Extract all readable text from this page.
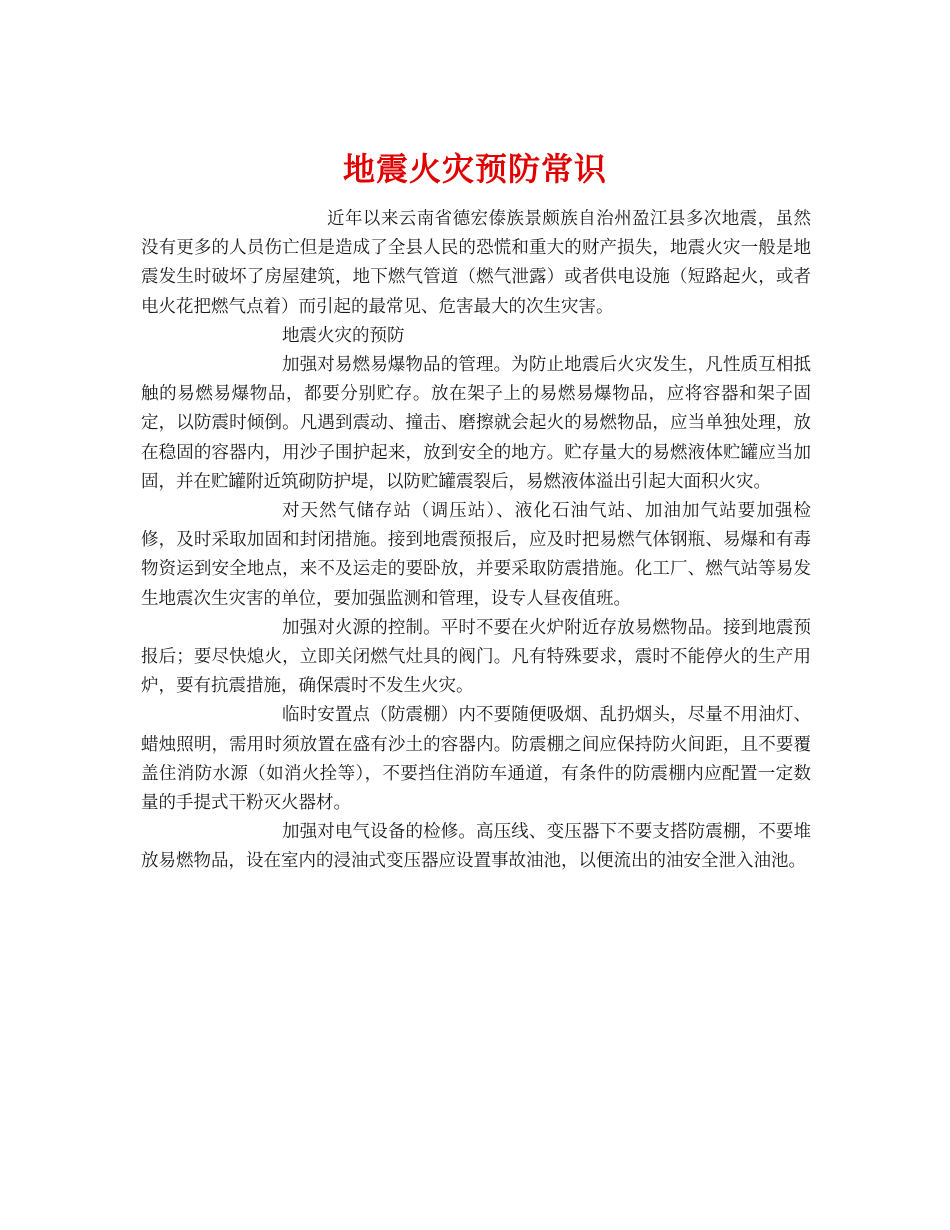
地震火灾预防常识

近年以来云南省德宏傣族景颇族自治州盈江县多次地震，虽然没有更多的人员伤亡但是造成了全县人民的恐慌和重大的财产损失，地震火灾一般是地震发生时破坏了房屋建筑，地下燃气管道（燃气泄露）或者供电设施（短路起火，或者电火花把燃气点着）而引起的最常见、危害最大的次生灾害。

地震火灾的预防

加强对易燃易爆物品的管理。为防止地震后火灾发生，凡性质互相抵触的易燃易爆物品，都要分别贮存。放在架子上的易燃易爆物品，应将容器和架子固定，以防震时倾倒。凡遇到震动、撞击、磨擦就会起火的易燃物品，应当单独处理，放在稳固的容器内，用沙子围护起来，放到安全的地方。贮存量大的易燃液体贮罐应当加固，并在贮罐附近筑砌防护堤，以防贮罐震裂后，易燃液体溢出引起大面积火灾。

对天然气储存站（调压站）、液化石油气站、加油加气站要加强检修，及时采取加固和封闭措施。接到地震预报后，应及时把易燃气体钢瓶、易爆和有毒物资运到安全地点，来不及运走的要卧放，并要采取防震措施。化工厂、燃气站等易发生地震次生灾害的单位，要加强监测和管理，设专人昼夜值班。

加强对火源的控制。平时不要在火炉附近存放易燃物品。接到地震预报后；要尽快熄火，立即关闭燃气灶具的阀门。凡有特殊要求，震时不能停火的生产用炉，要有抗震措施，确保震时不发生火灾。

临时安置点（防震棚）内不要随便吸烟、乱扔烟头，尽量不用油灯、蜡烛照明，需用时须放置在盛有沙土的容器内。防震棚之间应保持防火间距，且不要覆盖住消防水源（如消火拴等），不要挡住消防车通道，有条件的防震棚内应配置一定数量的手提式干粉灭火器材。

加强对电气设备的检修。高压线、变压器下不要支搭防震棚，不要堆放易燃物品，设在室内的浸油式变压器应设置事故油池，以便流出的油安全泄入油池。
